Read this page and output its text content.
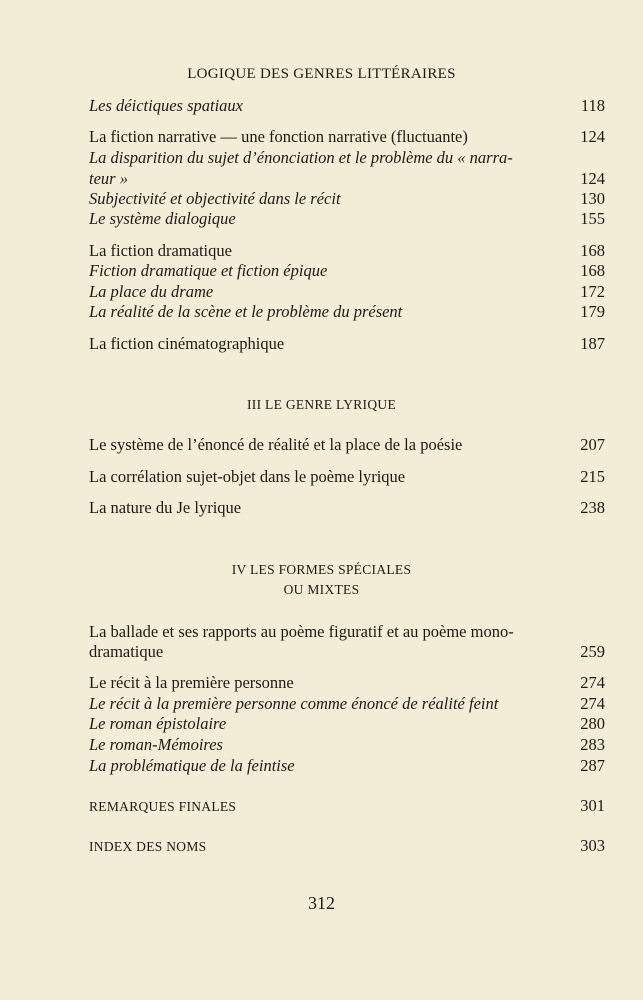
LOGIQUE DES GENRES LITTÉRAIRES
Les déictiques spatiaux	118
La fiction narrative — une fonction narrative (fluctuante)	124
La disparition du sujet d’énonciation et le problème du « narra-
teur »	124
Subjectivité et objectivité dans le récit	130
Le système dialogique	155
La fiction dramatique	168
Fiction dramatique et fiction épique	168
La place du drame	172
La réalité de la scène et le problème du présent	179
La fiction cinématographique	187
III LE GENRE LYRIQUE
Le système de l’énoncé de réalité et la place de la poésie	207
La corrélation sujet-objet dans le poème lyrique	215
La nature du Je lyrique	238
IV LES FORMES SPÉCIALES
OU MIXTES
La ballade et ses rapports au poème figuratif et au poème mono-
dramatique	259
Le récit à la première personne	274
Le récit à la première personne comme énoncé de réalité feint	274
Le roman épistolaire	280
Le roman-Mémoires	283
La problématique de la feintise	287
REMARQUES FINALES	301
INDEX DES NOMS	303
312
